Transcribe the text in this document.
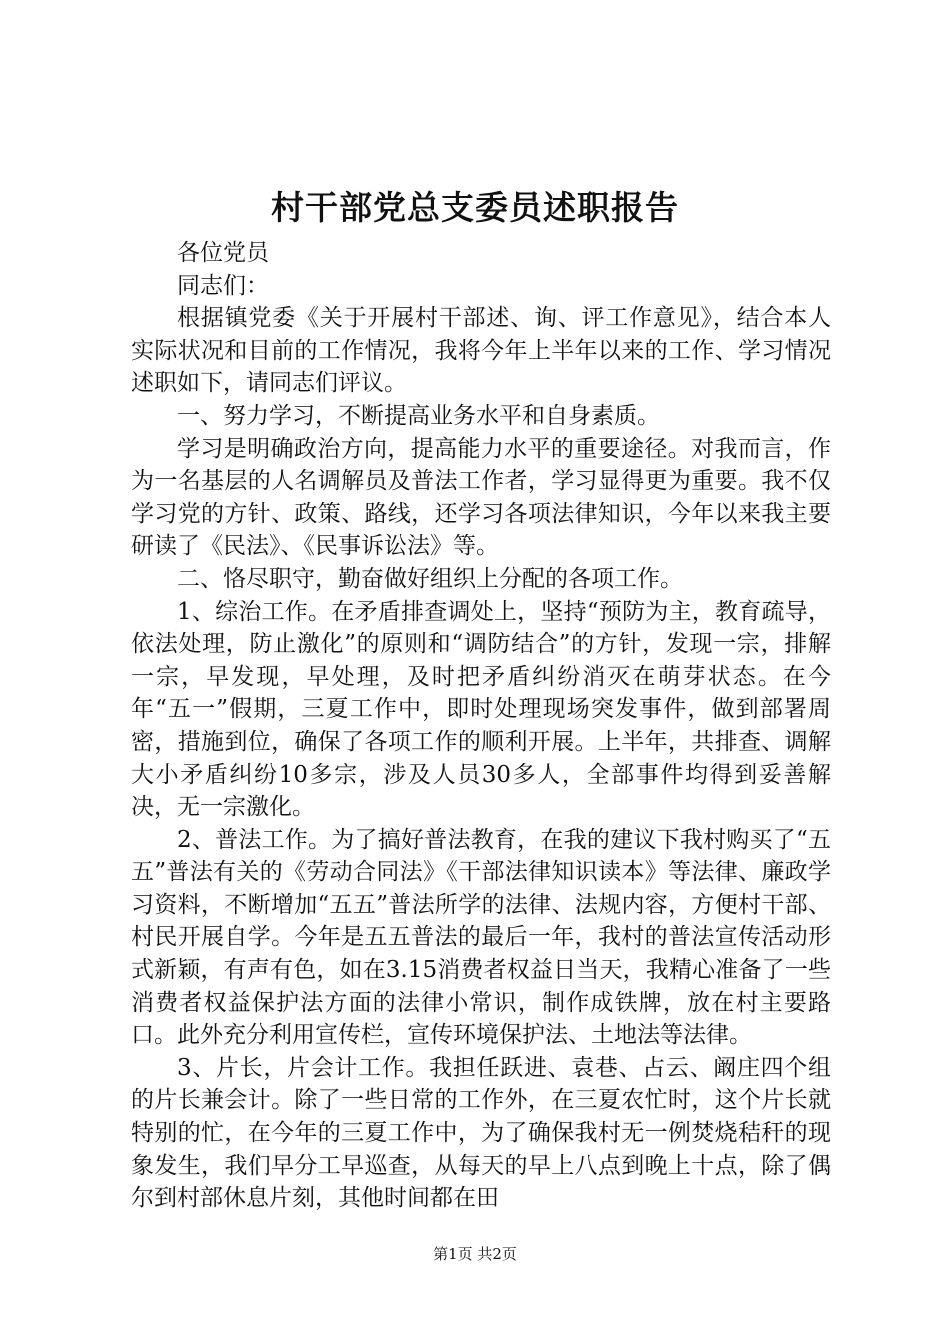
村干部党总支委员述职报告

各位党员

同志们：

根据镇党委《关于开展村干部述、询、评工作意见》，结合本人实际状况和目前的工作情况，我将今年上半年以来的工作、学习情况述职如下，请同志们评议。

一、努力学习，不断提高业务水平和自身素质。

学习是明确政治方向，提高能力水平的重要途径。对我而言，作为一名基层的人名调解员及普法工作者，学习显得更为重要。我不仅学习党的方针、政策、路线，还学习各项法律知识，今年以来我主要研读了《民法》、《民事诉讼法》等。

二、恪尽职守，勤奋做好组织上分配的各项工作。

1、综治工作。在矛盾排查调处上，坚持“预防为主，教育疏导，依法处理，防止激化”的原则和“调防结合”的方针，发现一宗，排解一宗，早发现，早处理，及时把矛盾纠纷消灭在萌芽状态。在今年“五一”假期，三夏工作中，即时处理现场突发事件，做到部署周密，措施到位，确保了各项工作的顺利开展。上半年，共排查、调解大小矛盾纠纷10多宗，涉及人员30多人，全部事件均得到妥善解决，无一宗激化。

2、普法工作。为了搞好普法教育，在我的建议下我村购买了“五五”普法有关的《劳动合同法》《干部法律知识读本》等法律、廉政学习资料，不断增加“五五”普法所学的法律、法规内容，方便村干部、村民开展自学。今年是五五普法的最后一年，我村的普法宣传活动形式新颖，有声有色，如在3.15消费者权益日当天，我精心准备了一些消费者权益保护法方面的法律小常识，制作成铁牌，放在村主要路口。此外充分利用宣传栏，宣传环境保护法、土地法等法律。

3、片长，片会计工作。我担任跃进、袁巷、占云、阚庄四个组的片长兼会计。除了一些日常的工作外，在三夏农忙时，这个片长就特别的忙，在今年的三夏工作中，为了确保我村无一例焚烧秸秆的现象发生，我们早分工早巡查，从每天的早上八点到晚上十点，除了偶尔到村部休息片刻，其他时间都在田

第1页 共2页
